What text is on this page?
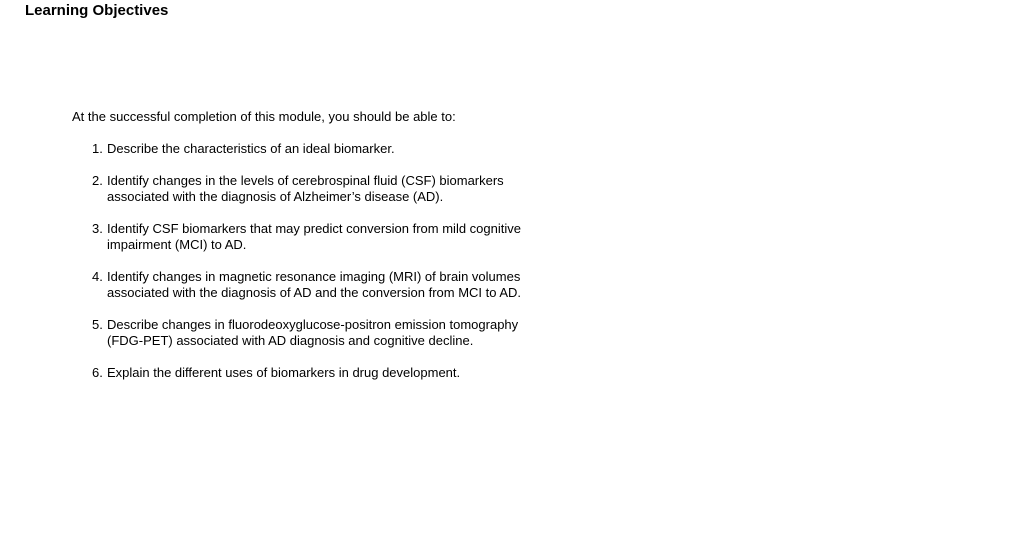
Learning Objectives

At the successful completion of this module, you should be able to:

1. Describe the characteristics of an ideal biomarker.
2. Identify changes in the levels of cerebrospinal fluid (CSF) biomarkers
associated with the diagnosis of Alzheimer’s disease (AD).
3. Identify CSF biomarkers that may predict conversion from mild cognitive
impairment (MCI) to AD.
4. Identify changes in magnetic resonance imaging (MRI) of brain volumes
associated with the diagnosis of AD and the conversion from MCI to AD.
5. Describe changes in fluorodeoxyglucose-positron emission tomography
(FDG-PET) associated with AD diagnosis and cognitive decline.
6. Explain the different uses of biomarkers in drug development.
